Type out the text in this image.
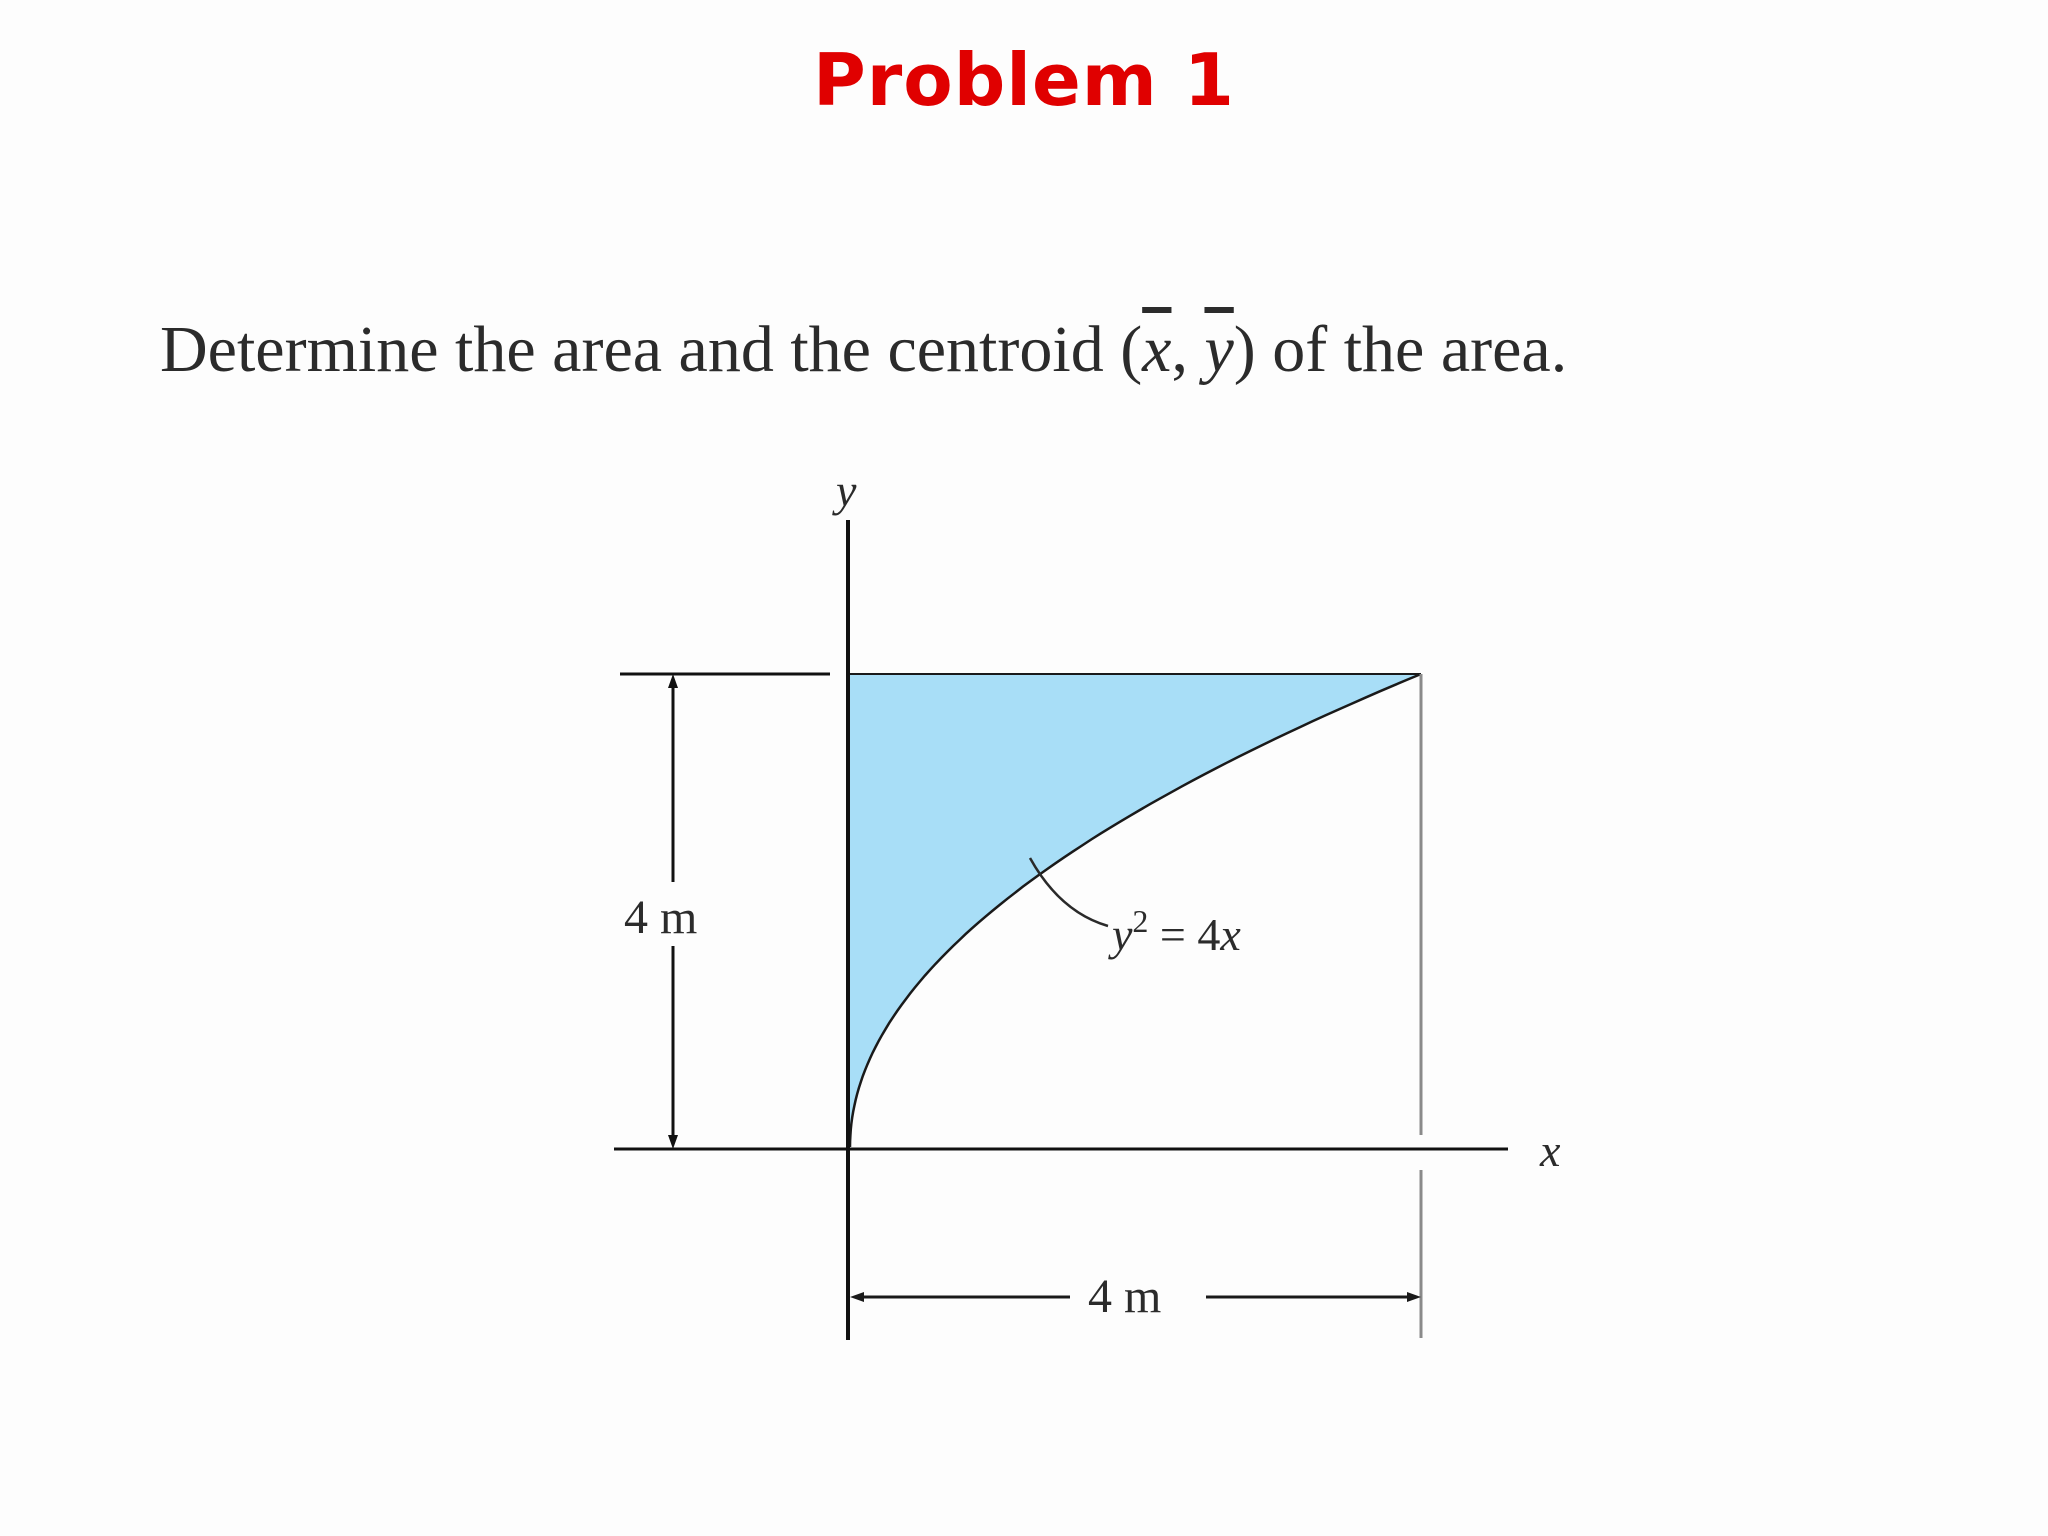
Problem 1
Determine the area and the centroid ($\overline{x}$, $\overline{y}$) of the area.
y
x
4 m
4 m
$y^2 = 4x$
